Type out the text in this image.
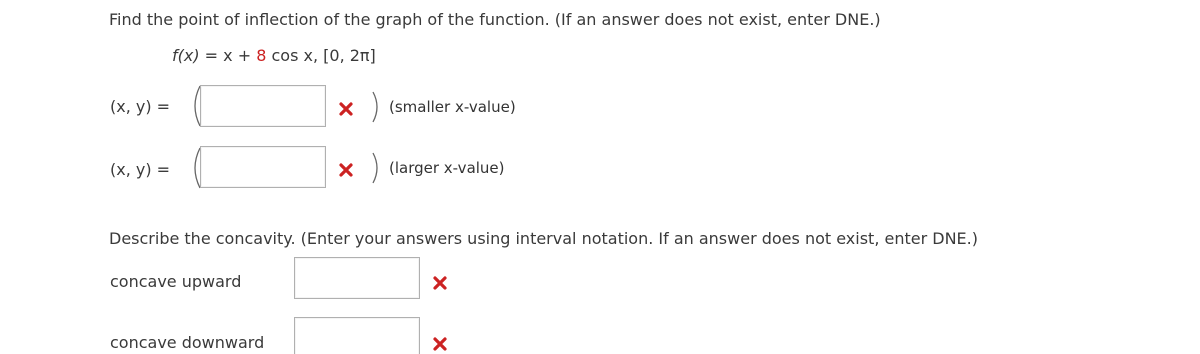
Find the point of inflection of the graph of the function. (If an answer does not exist, enter DNE.)
f(x) = x + 8 cos x, [0, 2π]
(x, y) =	(smaller x-value)
(x, y) =	(larger x-value)
Describe the concavity. (Enter your answers using interval notation. If an answer does not exist, enter DNE.)
concave upward
concave downward
